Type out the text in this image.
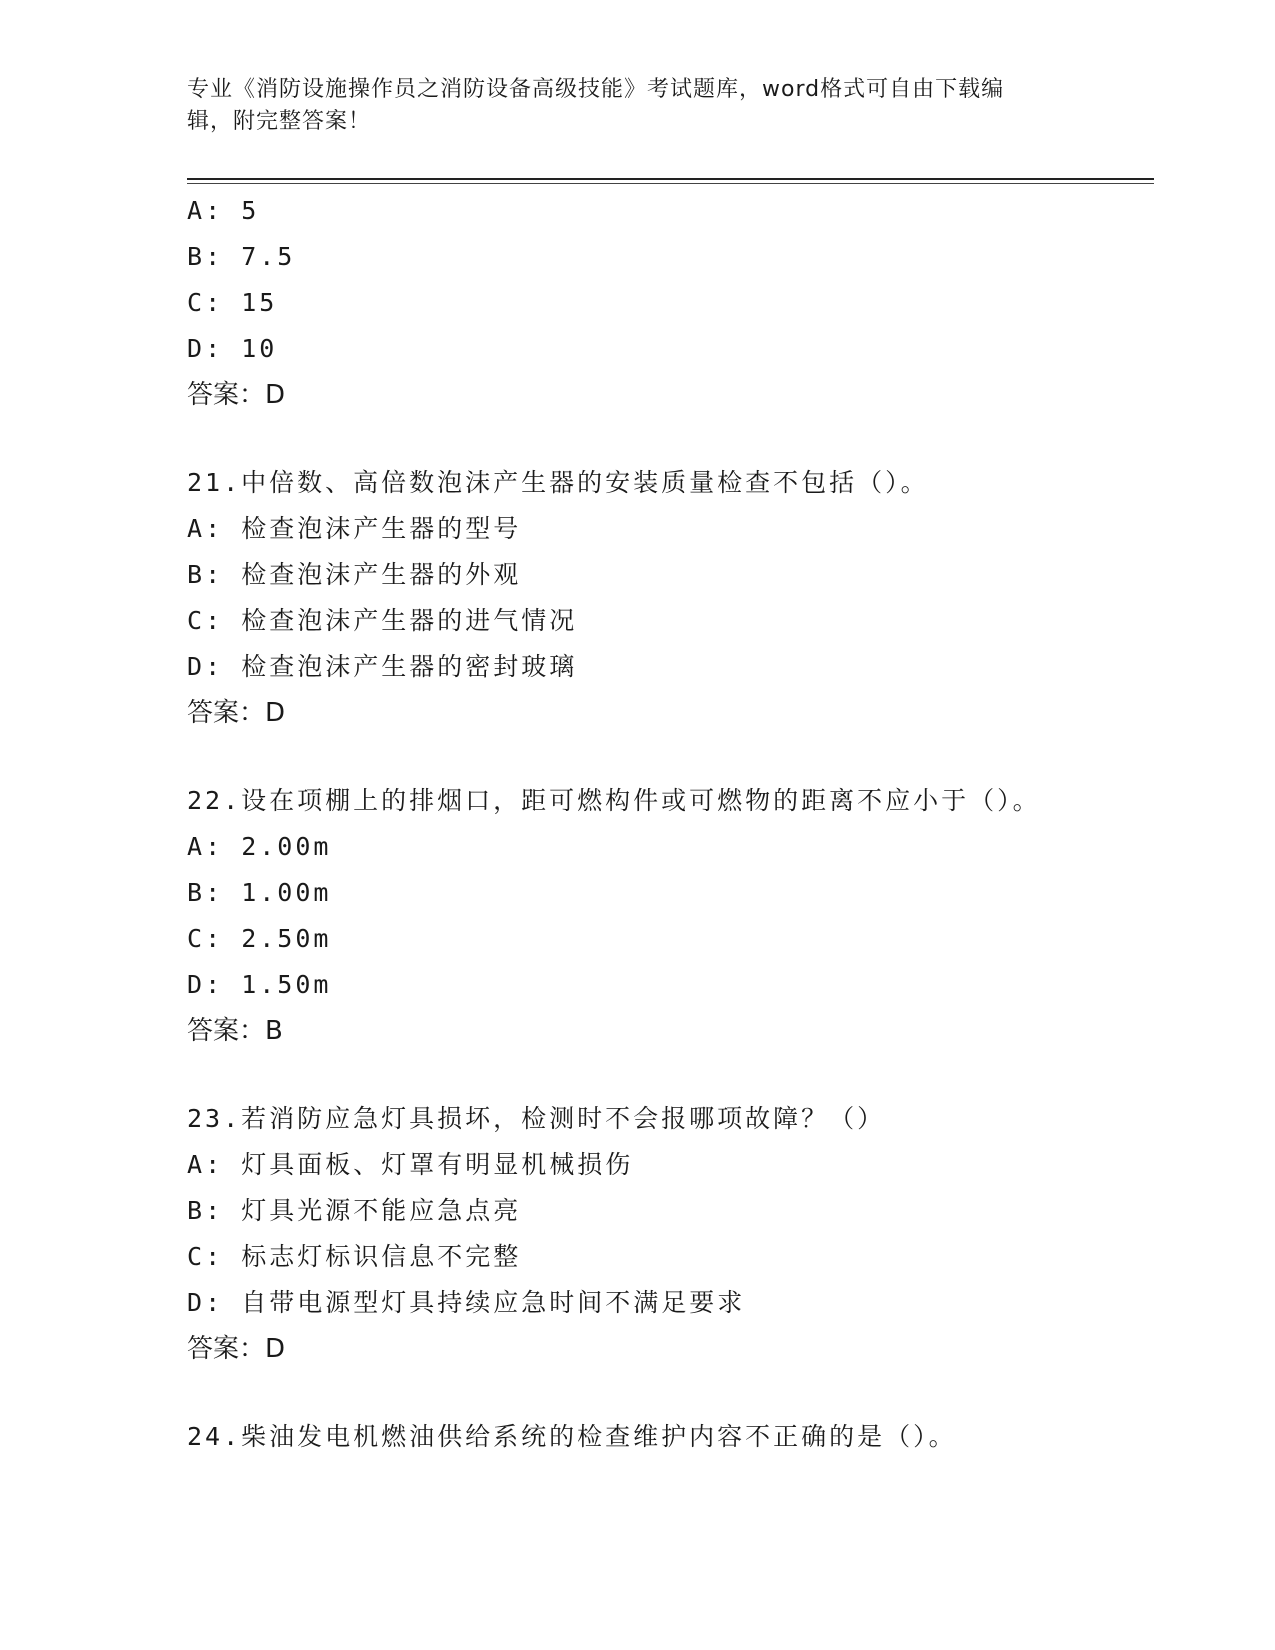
专业《消防设施操作员之消防设备高级技能》考试题库，word格式可自由下载编
辑，附完整答案！
A: 5
B: 7.5
C: 15
D: 10
答案：D
21.中倍数、高倍数泡沫产生器的安装质量检查不包括（）。
A: 检查泡沫产生器的型号
B: 检查泡沫产生器的外观
C: 检查泡沫产生器的进气情况
D: 检查泡沫产生器的密封玻璃
答案：D
22.设在项棚上的排烟口，距可燃构件或可燃物的距离不应小于（）。
A: 2.00m
B: 1.00m
C: 2.50m
D: 1.50m
答案：B
23.若消防应急灯具损坏，检测时不会报哪项故障？（）
A: 灯具面板、灯罩有明显机械损伤
B: 灯具光源不能应急点亮
C: 标志灯标识信息不完整
D: 自带电源型灯具持续应急时间不满足要求
答案：D
24.柴油发电机燃油供给系统的检查维护内容不正确的是（）。
